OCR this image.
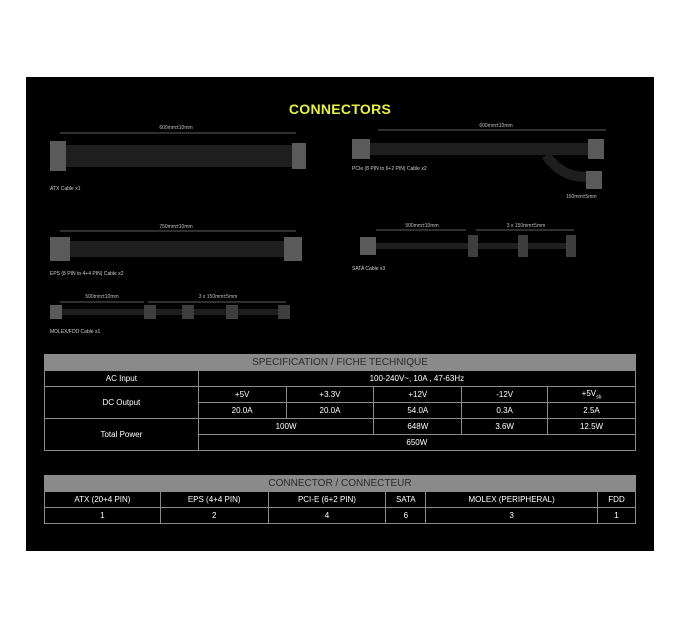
CONNECTORS
600mm±10mm
ATX Cable x1
600mm±10mm
PCIe (8 PIN to 6+2 PIN) Cable x2
150mm±5mm
750mm±10mm
EPS (8 PIN to 4+4 PIN) Cable x2
500mm±10mm	3 x 150mm±5mm
SATA Cable x3
500mm±10mm	3 x 150mm±5mm
MOLEX/FDD Cable x1
SPECIFICATION / FICHE TECHNIQUE					
AC Input	100-240V~, 10A , 47-63Hz				
DC Output	+5V	+3.3V	+12V	-12V	$+5V_{sb}$
	20.0A	20.0A	54.0A	0.3A	2.5A
Total Power	100W		648W	3.6W	12.5W
	650W				
CONNECTOR / CONNECTEUR					
ATX (20+4 PIN)	EPS (4+4 PIN)	PCI-E (6+2 PIN)	SATA	MOLEX (PERIPHERAL)	FDD
1	2	4	6	3	1
